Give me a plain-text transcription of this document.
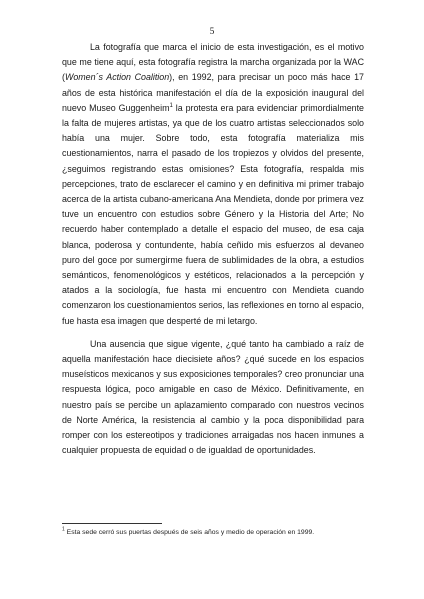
5

La fotografía que marca el inicio de esta investigación, es el motivo que me tiene aquí, esta fotografía registra la marcha organizada por la WAC (Women´s Action Coalition), en 1992, para precisar un poco más hace 17 años de esta histórica manifestación el día de la exposición inaugural del nuevo Museo Guggenheim$^1$ la protesta era para evidenciar primordialmente la falta de mujeres artistas, ya que de los cuatro artistas seleccionados solo había una mujer. Sobre todo, esta fotografía materializa mis cuestionamientos, narra el pasado de los tropiezos y olvidos del presente, ¿seguimos registrando estas omisiones? Esta fotografía, respalda mis percepciones, trato de esclarecer el camino y en definitiva mi primer trabajo acerca de la artista cubano-americana Ana Mendieta, donde por primera vez tuve un encuentro con estudios sobre Género y la Historia del Arte; No recuerdo haber contemplado a detalle el espacio del museo, de esa caja blanca, poderosa y contundente, había ceñido mis esfuerzos al devaneo puro del goce por sumergirme fuera de sublimidades de la obra, a estudios semánticos, fenomenológicos y estéticos, relacionados a la percepción y atados a la sociología, fue hasta mi encuentro con Mendieta cuando comenzaron los cuestionamientos serios, las reflexiones en torno al espacio, fue hasta esa imagen que desperté de mi letargo.

Una ausencia que sigue vigente, ¿qué tanto ha cambiado a raíz de aquella manifestación hace diecisiete años? ¿qué sucede en los espacios museísticos mexicanos y sus exposiciones temporales? creo pronunciar una respuesta lógica, poco amigable en caso de México. Definitivamente, en nuestro país se percibe un aplazamiento comparado con nuestros vecinos de Norte América, la resistencia al cambio y la poca disponibilidad para romper con los estereotipos y tradiciones arraigadas nos hacen inmunes a cualquier propuesta de equidad o de igualdad de oportunidades.

$^1$ Esta sede cerró sus puertas después de seis años y medio de operación en 1999.
